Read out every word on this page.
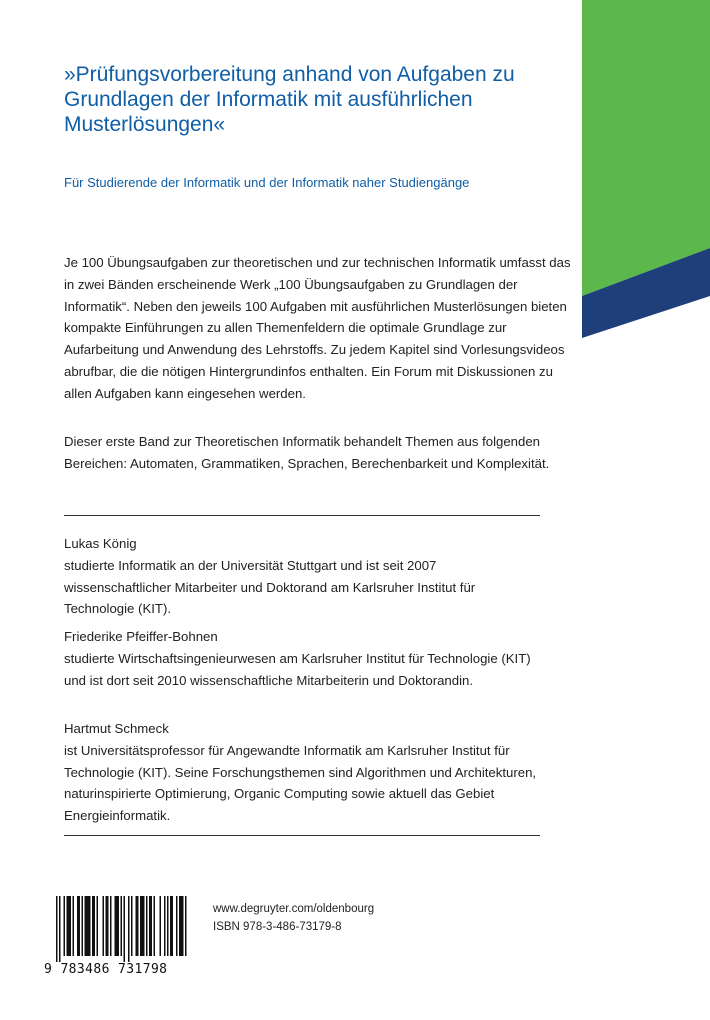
»Prüfungsvorbereitung anhand von Aufgaben zu Grundlagen der Informatik mit ausführlichen Musterlösungen«

Für Studierende der Informatik und der Informatik naher Studiengänge

Je 100 Übungsaufgaben zur theoretischen und zur technischen Informatik umfasst das in zwei Bänden erscheinende Werk „100 Übungsaufgaben zu Grundlagen der Informatik“. Neben den jeweils 100 Aufgaben mit ausführlichen Musterlösungen bieten kompakte Einführungen zu allen Themenfeldern die optimale Grundlage zur Aufarbeitung und Anwendung des Lehrstoffs. Zu jedem Kapitel sind Vorlesungsvideos abrufbar, die die nötigen Hintergrundinfos enthalten. Ein Forum mit Diskussionen zu allen Aufgaben kann eingesehen werden.

Dieser erste Band zur Theoretischen Informatik behandelt Themen aus folgenden Bereichen: Automaten, Grammatiken, Sprachen, Berechenbarkeit und Komplexität.

Lukas König
studierte Informatik an der Universität Stuttgart und ist seit 2007 wissenschaftlicher Mitarbeiter und Doktorand am Karlsruher Institut für Technologie (KIT).
Friederike Pfeiffer-Bohnen
studierte Wirtschaftsingenieurwesen am Karlsruher Institut für Technologie (KIT) und ist dort seit 2010 wissenschaftliche Mitarbeiterin und Doktorandin.
Hartmut Schmeck
ist Universitätsprofessor für Angewandte Informatik am Karlsruher Institut für Technologie (KIT). Seine Forschungsthemen sind Algorithmen und Architekturen, naturinspirierte Optimierung, Organic Computing sowie aktuell das Gebiet Energieinformatik.
9 783486 731798
www.degruyter.com/oldenbourg
ISBN 978-3-486-73179-8
